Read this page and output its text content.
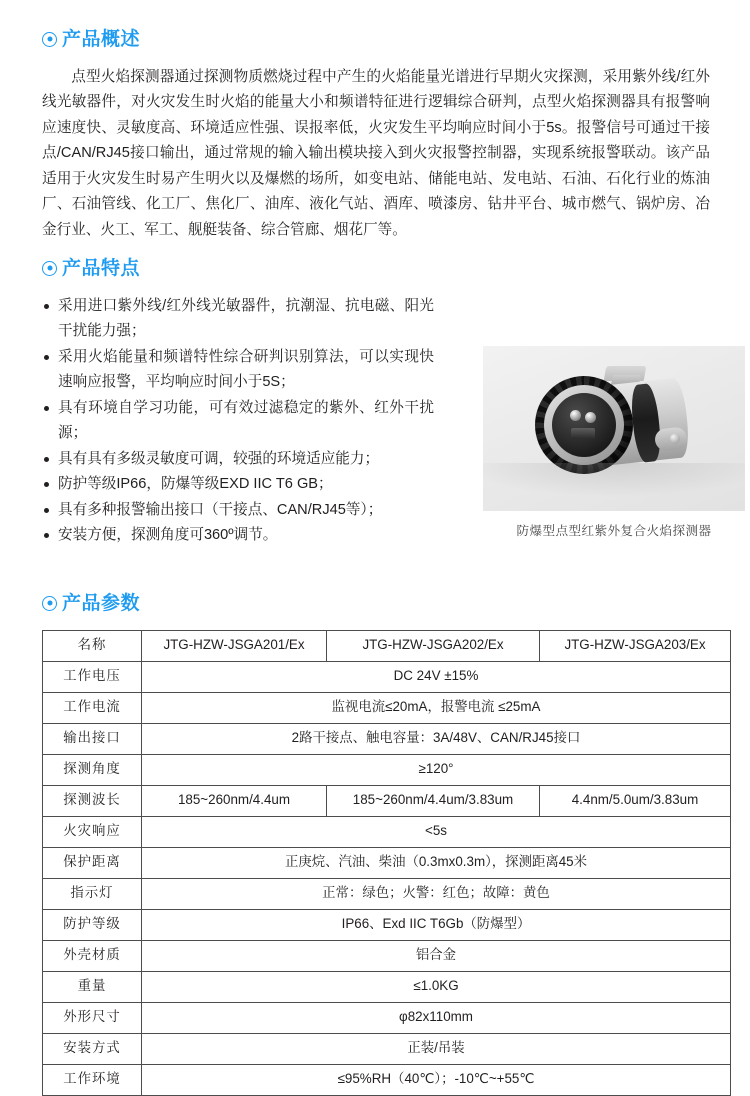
产品概述

点型火焰探测器通过探测物质燃烧过程中产生的火焰能量光谱进行早期火灾探测，采用紫外线/红外线光敏器件，对火灾发生时火焰的能量大小和频谱特征进行逻辑综合研判，点型火焰探测器具有报警响应速度快、灵敏度高、环境适应性强、误报率低，火灾发生平均响应时间小于5s。报警信号可通过干接点/CAN/RJ45接口输出，通过常规的输入输出模块接入到火灾报警控制器，实现系统报警联动。该产品适用于火灾发生时易产生明火以及爆燃的场所，如变电站、储能电站、发电站、石油、石化行业的炼油厂、石油管线、化工厂、焦化厂、油库、液化气站、酒库、喷漆房、钻井平台、城市燃气、锅炉房、冶金行业、火工、军工、舰艇装备、综合管廊、烟花厂等。

产品特点
采用进口紫外线/红外线光敏器件，抗潮湿、抗电磁、阳光干扰能力强；
采用火焰能量和频谱特性综合研判识别算法，可以实现快速响应报警，平均响应时间小于5S；
具有环境自学习功能，可有效过滤稳定的紫外、红外干扰源；
具有具有多级灵敏度可调，较强的环境适应能力；
防护等级IP66，防爆等级EXD IIC T6 GB；
具有多种报警输出接口（干接点、CAN/RJ45等）；
安装方便，探测角度可360º调节。	防爆型点型红紫外复合火焰探测器
产品参数
名称	JTG-HZW-JSGA201/Ex	JTG-HZW-JSGA202/Ex	JTG-HZW-JSGA203/Ex
工作电压	DC 24V ±15%		
工作电流	监视电流≤20mA，报警电流 ≤25mA		
输出接口	2路干接点、触电容量：3A/48V、CAN/RJ45接口		
探测角度	≥120°		
探测波长	185~260nm/4.4um	185~260nm/4.4um/3.83um	4.4nm/5.0um/3.83um
火灾响应	<5s		
保护距离	正庚烷、汽油、柴油（0.3mx0.3m），探测距离45米		
指示灯	正常：绿色；火警：红色；故障：黄色		
防护等级	IP66、Exd IIC T6Gb（防爆型）		
外壳材质	铝合金		
重量	≤1.0KG		
外形尺寸	φ82x110mm		
安装方式	正装/吊装		
工作环境	≤95%RH（40℃）；-10℃~+55℃		
